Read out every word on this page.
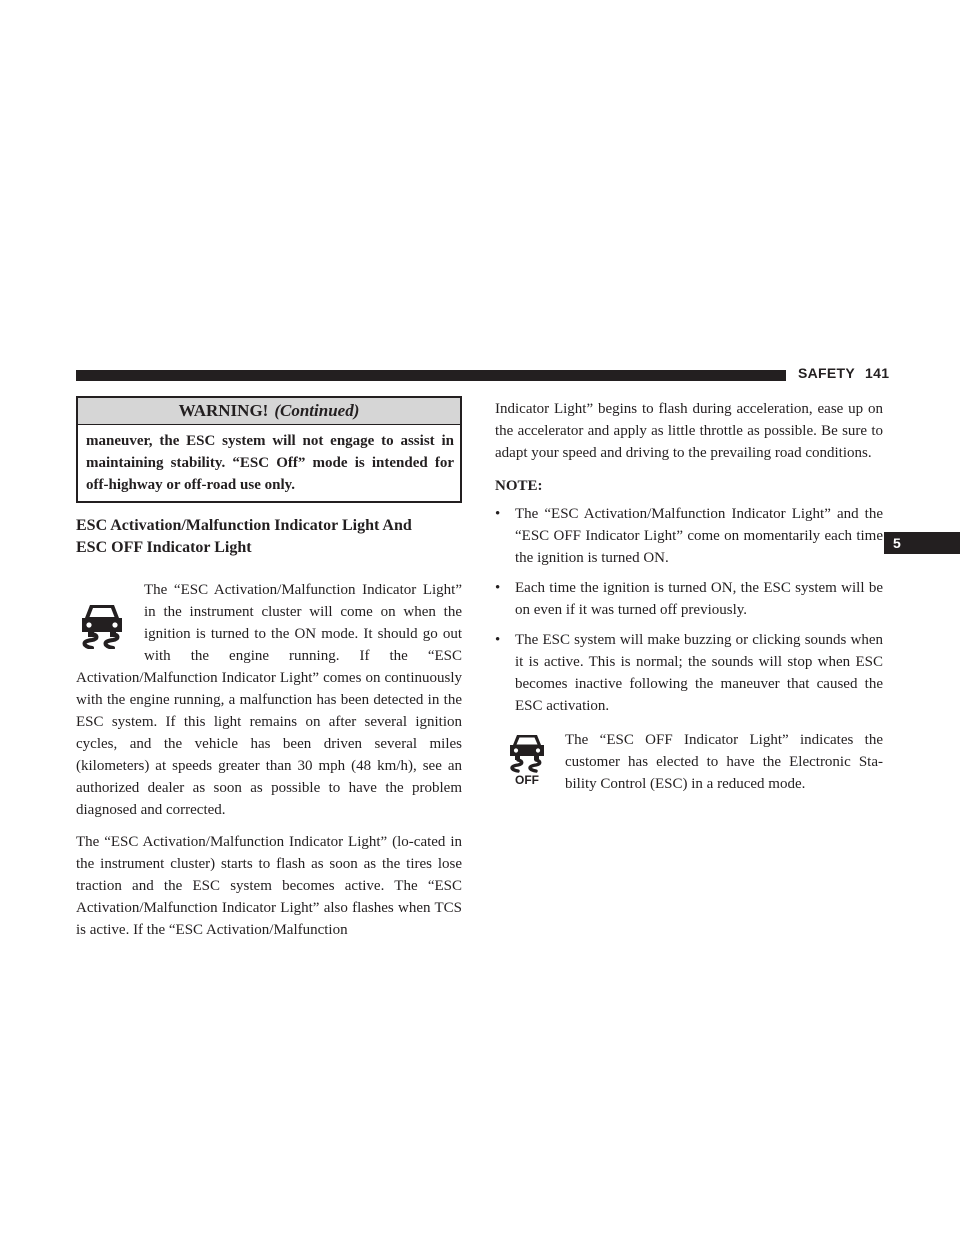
SAFETY 141
5
WARNING! (Continued)
maneuver, the ESC system will not engage to assist in maintaining stability. “ESC Off” mode is intended for off-highway or off-road use only.
ESC Activation/Malfunction Indicator Light And
ESC OFF Indicator Light

The “ESC Activation/Malfunction Indicator Light” in the instrument cluster will come on when the ignition is turned to the ON mode. It should go out with the engine running. If the “ESC Activation/Malfunction Indicator Light” comes on continuously with the engine running, a malfunction has been detected in the ESC system. If this light remains on after several ignition cycles, and the vehicle has been driven several miles (kilometers) at speeds greater than 30 mph (48 km/h), see an authorized dealer as soon as possible to have the problem diagnosed and corrected.

The “ESC Activation/Malfunction Indicator Light” (lo-cated in the instrument cluster) starts to flash as soon as the tires lose traction and the ESC system becomes active. The “ESC Activation/Malfunction Indicator Light” also flashes when TCS is active. If the “ESC Activation/Malfunction

Indicator Light” begins to flash during acceleration, ease up on the accelerator and apply as little throttle as possible. Be sure to adapt your speed and driving to the prevailing road conditions.

NOTE:
• The “ESC Activation/Malfunction Indicator Light” and the “ESC OFF Indicator Light” come on momentarily each time the ignition is turned ON.
• Each time the ignition is turned ON, the ESC system will be on even if it was turned off previously.
• The ESC system will make buzzing or clicking sounds when it is active. This is normal; the sounds will stop when ESC becomes inactive following the maneuver that caused the ESC activation.
OFF

The “ESC OFF Indicator Light” indicates the customer has elected to have the Electronic Sta-bility Control (ESC) in a reduced mode.
